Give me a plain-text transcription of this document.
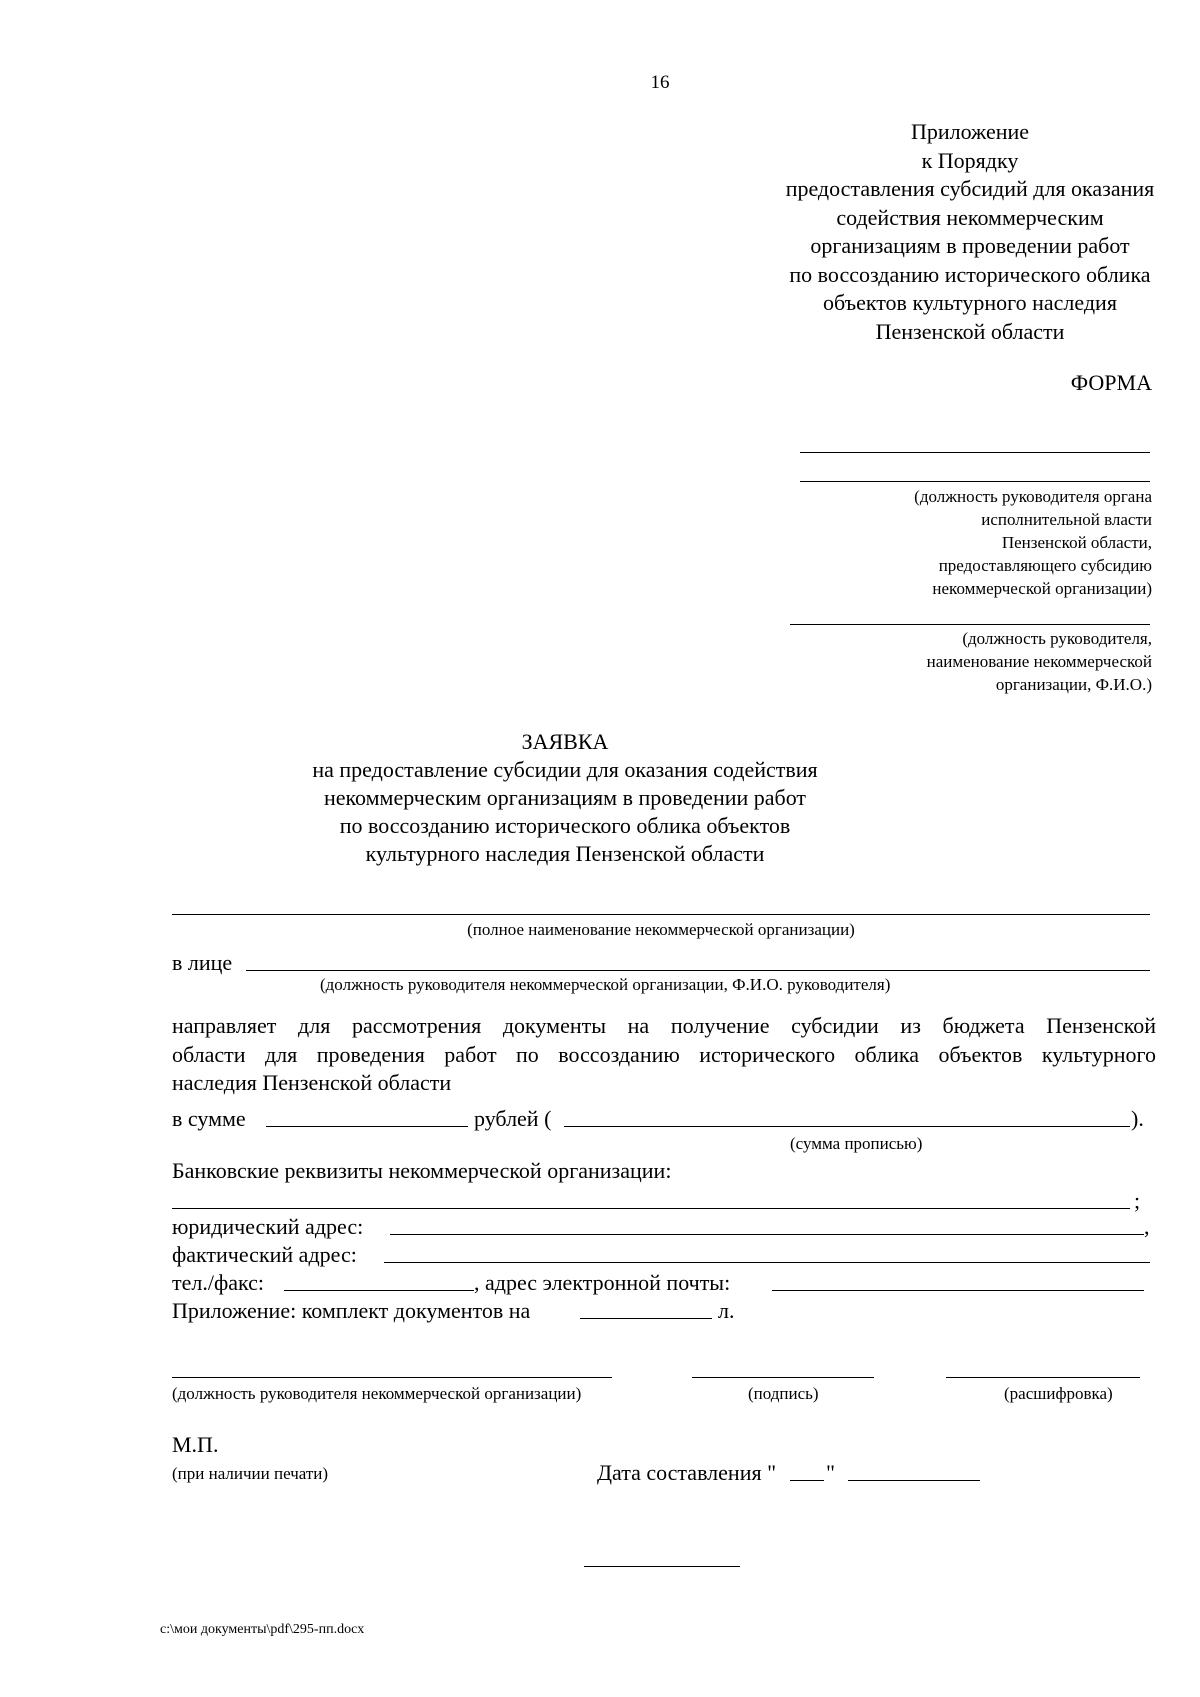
16
Приложение
к Порядку
предоставления субсидий для оказания
содействия некоммерческим
организациям в проведении работ
по воссозданию исторического облика
объектов культурного наследия
Пензенской области
ФОРМА
(должность руководителя органа
исполнительной власти
Пензенской области,
предоставляющего субсидию
некоммерческой организации)
(должность руководителя,
наименование некоммерческой
организации, Ф.И.О.)
ЗАЯВКА
на предоставление субсидии для оказания содействия
некоммерческим организациям в проведении работ
по воссозданию исторического облика объектов
культурного наследия Пензенской области
(полное наименование некоммерческой организации)
в лице
(должность руководителя некоммерческой организации, Ф.И.О. руководителя)
направляет для рассмотрения документы на получение субсидии из бюджета Пензенской
области для проведения работ по воссозданию исторического облика объектов культурного
наследия Пензенской области
в сумме	рублей (	).
(сумма прописью)
Банковские реквизиты некоммерческой организации:
;
юридический адрес:	,
фактический адрес:
тел./факс:	, адрес электронной почты:
Приложение: комплект документов на	л.
(должность руководителя некоммерческой организации)	(подпись)	(расшифровка)
М.П.
(при наличии печати)	Дата составления " "
c:\мои документы\pdf\295-пп.docx
